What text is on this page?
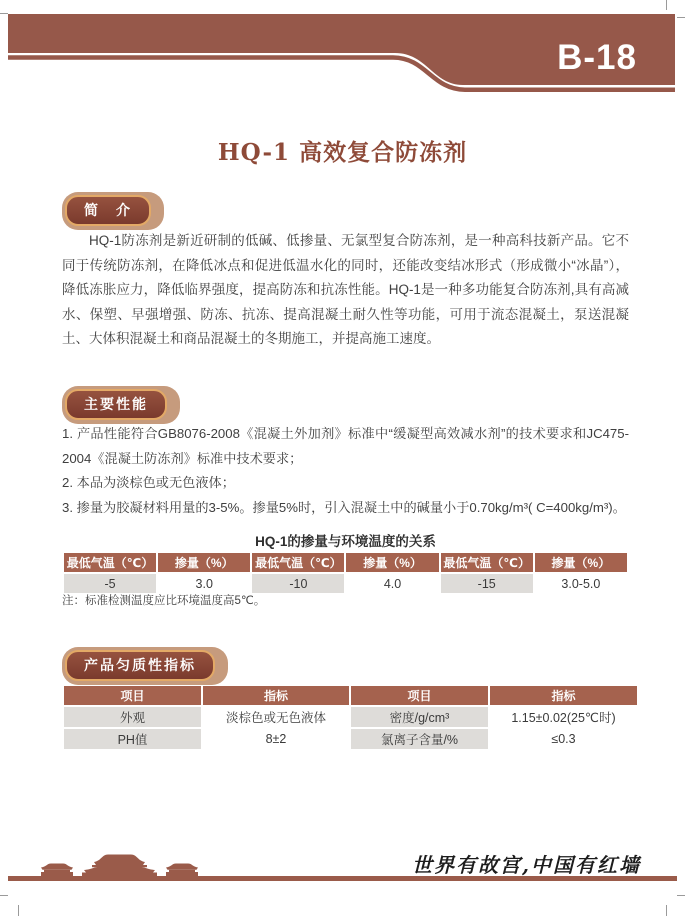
B-18
HQ-1 高效复合防冻剂
简　介

HQ-1防冻剂是新近研制的低碱、低掺量、无氯型复合防冻剂，是一种高科技新产品。它不同于传统防冻剂，在降低冰点和促进低温水化的同时，还能改变结冰形式（形成微小“冰晶”），降低冻胀应力，降低临界强度，提高防冻和抗冻性能。HQ-1是一种多功能复合防冻剂,具有高减水、保塑、早强增强、防冻、抗冻、提高混凝土耐久性等功能，可用于流态混凝土，泵送混凝土、大体积混凝土和商品混凝土的冬期施工，并提高施工速度。

主要性能
1. 产品性能符合GB8076-2008《混凝土外加剂》标准中“缓凝型高效减水剂”的技术要求和JC475-2004《混凝土防冻剂》标准中技术要求；
2. 本品为淡棕色或无色液体；
3. 掺量为胶凝材料用量的3-5%。掺量5%时，引入混凝土中的碱量小于0.70kg/m³( C=400kg/m³)。
HQ-1的掺量与环境温度的关系
最低气温（℃）	掺量（%）	最低气温（℃）	掺量（%）	最低气温（℃）	掺量（%）
-5	3.0	-10	4.0	-15	3.0-5.0
注：标准检测温度应比环境温度高5℃。
产品匀质性指标
项目	指标	项目	指标
外观	淡棕色或无色液体	密度/g/cm³	1.15±0.02(25℃时)
PH值	8±2	氯离子含量/%	≤0.3
世界有故宫,中国有红墙
